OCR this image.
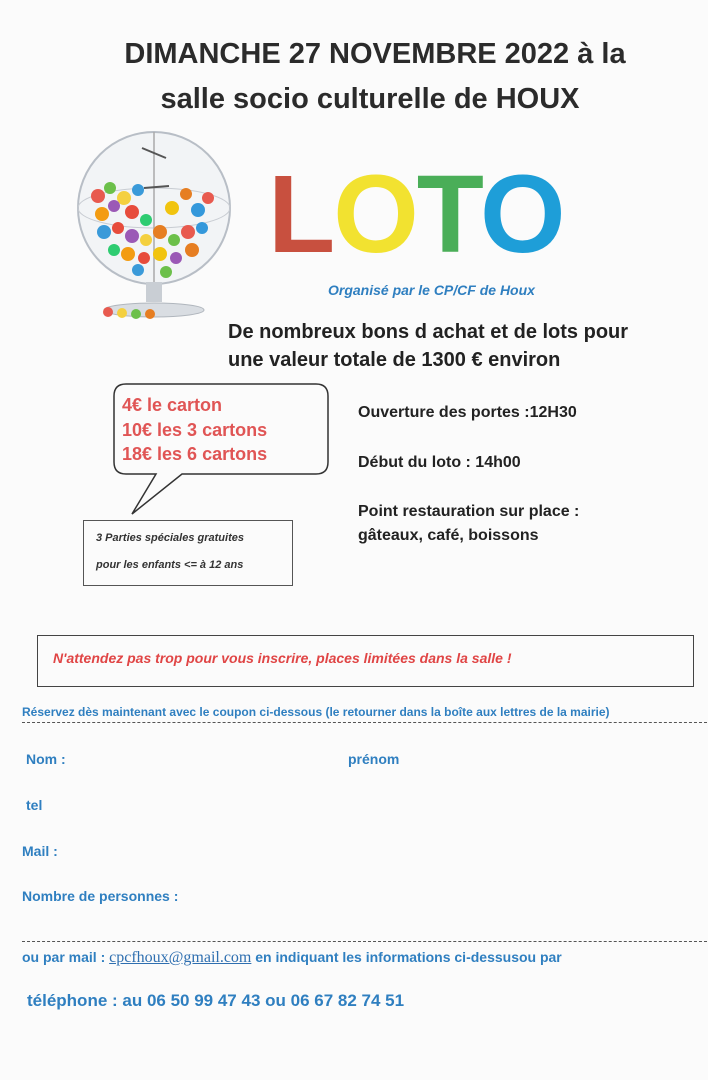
DIMANCHE 27 NOVEMBRE 2022 à la
salle socio culturelle de HOUX
LOTO
Organisé par le CP/CF de Houx
De nombreux bons d achat et de lots pour
une valeur totale de 1300 € environ
4€ le carton
10€ les 3 cartons
18€ les 6 cartons
3 Parties spéciales gratuites
pour les enfants <= à 12 ans
Ouverture des portes :12H30
Début du loto : 14h00
Point restauration sur place :
gâteaux, café, boissons
N'attendez pas trop pour vous inscrire, places limitées dans la salle !
Réservez dès maintenant avec le coupon ci-dessous (le retourner dans la boîte aux lettres de la mairie)
Nom :	prénom
tel
Mail :
Nombre de personnes :
ou par mail : cpcfhoux@gmail.com en indiquant les informations ci-dessusou par
téléphone : au 06 50 99 47 43 ou 06 67 82 74 51
